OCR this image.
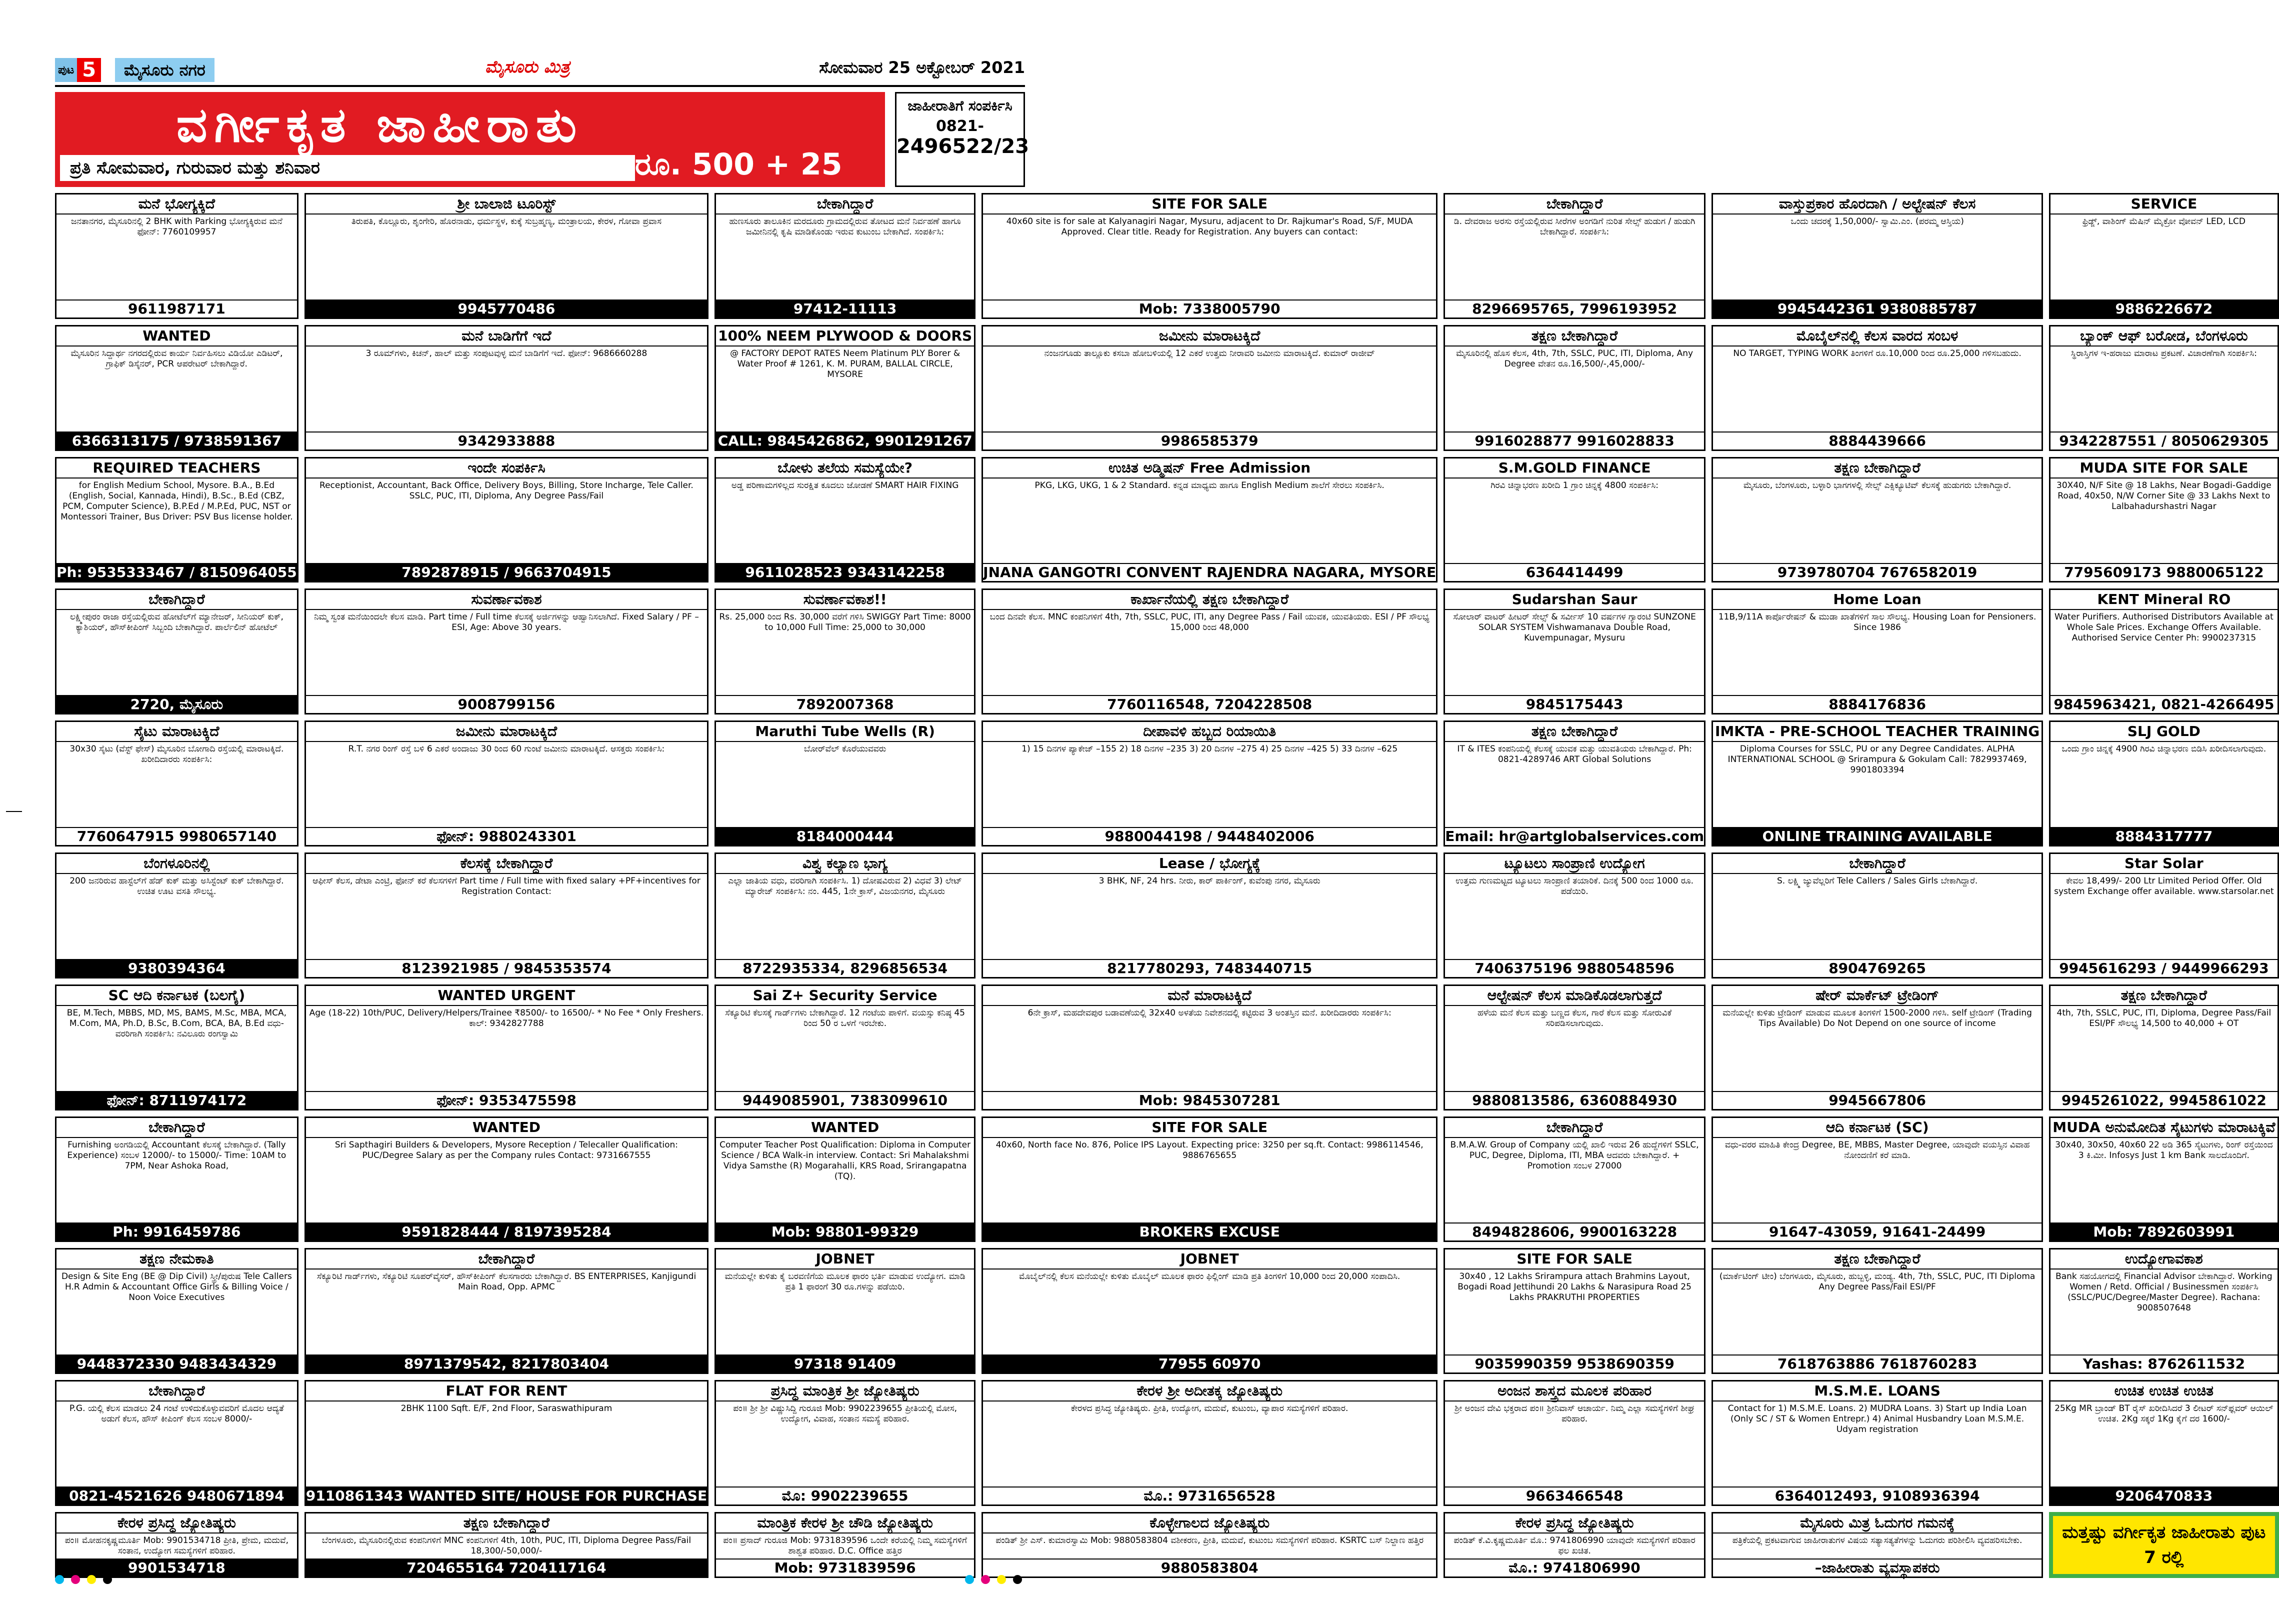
ಪುಟ 5	ಮೈಸೂರು ನಗರ	ಮೈಸೂರು ಮಿತ್ರ	ಸೋಮವಾರ 25 ಅಕ್ಟೋಬರ್ 2021
ವರ್ಗೀಕೃತ ಜಾಹೀರಾತು
ಪ್ರತಿ ಸೋಮವಾರ, ಗುರುವಾರ ಮತ್ತು ಶನಿವಾರ	ರೂ. 500 + 25
ಜಾಹೀರಾತಿಗೆ ಸಂಪರ್ಕಿಸಿ
0821-
2496522/23
ಮನೆ ಭೋಗ್ಯಕ್ಕಿದೆ
ಜನತಾನಗರ, ಮೈಸೂರಿನಲ್ಲಿ 2 BHK with Parking ಭೋಗ್ಯಕ್ಕಿರುವ ಮನೆ ಫೋನ್: 7760109957
9611987171
ಶ್ರೀ ಬಾಲಾಜಿ ಟೂರಿಸ್ಟ್
ತಿರುಪತಿ, ಕೊಲ್ಲೂರು, ಶೃಂಗೇರಿ, ಹೊರನಾಡು, ಧರ್ಮಸ್ಥಳ, ಕುಕ್ಕೆ ಸುಬ್ರಹ್ಮಣ್ಯ, ಮಂತ್ರಾಲಯ, ಕೇರಳ, ಗೋವಾ ಪ್ರವಾಸ
9945770486
ಬೇಕಾಗಿದ್ದಾರೆ
ಹುಣಸೂರು ತಾಲೂಕಿನ ಮರದೂರು ಗ್ರಾಮದಲ್ಲಿರುವ ತೋಟದ ಮನೆ ನಿರ್ವಹಣೆ ಹಾಗೂ ಜಮೀನಿನಲ್ಲಿ ಕೃಷಿ ಮಾಡಿಕೊಂಡು ಇರುವ ಕುಟುಂಬ ಬೇಕಾಗಿದೆ. ಸಂಪರ್ಕಿಸಿ:
97412-11113
SITE FOR SALE
40x60 site is for sale at Kalyanagiri Nagar, Mysuru, adjacent to Dr. Rajkumar's Road, S/F, MUDA Approved. Clear title. Ready for Registration. Any buyers can contact:
Mob: 7338005790
ಬೇಕಾಗಿದ್ದಾರೆ
ಡಿ. ದೇವರಾಜ ಅರಸು ರಸ್ತೆಯಲ್ಲಿರುವ ಸೀರೆಗಳ ಅಂಗಡಿಗೆ ನುರಿತ ಸೇಲ್ಸ್ ಹುಡುಗ / ಹುಡುಗಿ ಬೇಕಾಗಿದ್ದಾರೆ. ಸಂಪರ್ಕಿಸಿ:
8296695765, 7996193952
ವಾಸ್ತುಪ್ರಕಾರ ಹೊರದಾಗಿ / ಅಲ್ಟೇಷನ್ ಕೆಲಸ
ಒಂದು ಚದರಕ್ಕೆ 1,50,000/- ಸ್ವಾಮಿ.ಎಂ. (ಪರಮ್ಮ ಆಸ್ತಿಯ)
9945442361 9380885787
SERVICE
ಫ್ರಿಡ್ಜ್, ವಾಶಿಂಗ್ ಮೆಷಿನ್ ಮೈಕ್ರೋ ವೋವನ್ LED, LCD
9886226672
WANTED
ಮೈಸೂರಿನ ಸಿದ್ದಾರ್ಥ ನಗರದಲ್ಲಿರುವ ಕಾರ್ಯ ನಿರ್ವಹಿಸಲು ವಿಡಿಯೋ ಎಡಿಟರ್, ಗ್ರಾಫಿಕ್ ಡಿಸೈನರ್, PCR ಆಪರೇಟರ್ ಬೇಕಾಗಿದ್ದಾರೆ.
6366313175 / 9738591367
ಮನೆ ಬಾಡಿಗೆಗೆ ಇದೆ
3 ರೂಮ್‌ಗಳು, ಕಿಚನ್, ಹಾಲ್ ಮತ್ತು ಸಂಪುಟವುಳ್ಳ ಮನೆ ಬಾಡಿಗೆಗೆ ಇದೆ. ಫೋನ್: 9686660288
9342933888
100% NEEM PLYWOOD & DOORS
@ FACTORY DEPOT RATES Neem Platinum PLY Borer & Water Proof # 1261, K. M. PURAM, BALLAL CIRCLE, MYSORE
CALL: 9845426862, 9901291267
ಜಮೀನು ಮಾರಾಟಕ್ಕಿದೆ
ನಂಜನಗೂಡು ತಾಲ್ಲೂಕು ಕಸಬಾ ಹೋಬಳಿಯಲ್ಲಿ 12 ಎಕರೆ ಉತ್ತಮ ನೀರಾವರಿ ಜಮೀನು ಮಾರಾಟಕ್ಕಿದೆ. ಕುಮಾರ್ ರಾಜೀವ್
9986585379
ತಕ್ಷಣ ಬೇಕಾಗಿದ್ದಾರೆ
ಮೈಸೂರಿನಲ್ಲಿ ಹೊಸ ಕೆಲಸ, 4th, 7th, SSLC, PUC, ITI, Diploma, Any Degree ವೇತನ ರೂ.16,500/-,45,000/-
9916028877 9916028833
ಮೊಬೈಲ್‌ನಲ್ಲಿ ಕೆಲಸ ವಾರದ ಸಂಬಳ
NO TARGET, TYPING WORK ತಿಂಗಳಿಗೆ ರೂ.10,000 ರಿಂದ ರೂ.25,000 ಗಳಿಸಬಹುದು.
8884439666
ಬ್ಯಾಂಕ್ ಆಫ್ ಬರೋಡ, ಬೆಂಗಳೂರು
ಸ್ಥಿರಾಸ್ತಿಗಳ ಇ-ಹರಾಜು ಮಾರಾಟ ಪ್ರಕಟಣೆ. ವಿಚಾರಣೆಗಾಗಿ ಸಂಪರ್ಕಿಸಿ:
9342287551 / 8050629305
REQUIRED TEACHERS
for English Medium School, Mysore. B.A., B.Ed (English, Social, Kannada, Hindi), B.Sc., B.Ed (CBZ, PCM, Computer Science), B.P.Ed / M.P.Ed, PUC, NST or Montessori Trainer, Bus Driver: PSV Bus license holder.
Ph: 9535333467 / 8150964055
ಇಂದೇ ಸಂಪರ್ಕಿಸಿ
Receptionist, Accountant, Back Office, Delivery Boys, Billing, Store Incharge, Tele Caller. SSLC, PUC, ITI, Diploma, Any Degree Pass/Fail
7892878915 / 9663704915
ಬೋಳು ತಲೆಯ ಸಮಸ್ಯೆಯೇ?
ಅಡ್ಡ ಪರಿಣಾಮಗಳಿಲ್ಲದ ಸುರಕ್ಷಿತ ಕೂದಲು ಜೋಡಣೆ SMART HAIR FIXING
9611028523 9343142258
ಉಚಿತ ಅಡ್ಮಿಷನ್ Free Admission
PKG, LKG, UKG, 1 & 2 Standard. ಕನ್ನಡ ಮಾಧ್ಯಮ ಹಾಗೂ English Medium ಶಾಲೆಗೆ ಸೇರಲು ಸಂಪರ್ಕಿಸಿ.
JNANA GANGOTRI CONVENT RAJENDRA NAGARA, MYSORE
S.M.GOLD FINANCE
ಗಿರವಿ ಚಿನ್ನಾಭರಣ ಖರೀದಿ 1 ಗ್ರಾಂ ಚಿನ್ನಕ್ಕೆ 4800 ಸಂಪರ್ಕಿಸಿ:
6364414499
ತಕ್ಷಣ ಬೇಕಾಗಿದ್ದಾರೆ
ಮೈಸೂರು, ಬೆಂಗಳೂರು, ಬಳ್ಳಾರಿ ಭಾಗಗಳಲ್ಲಿ ಸೇಲ್ಸ್ ಎಕ್ಸಿಕ್ಯೂಟಿವ್ ಕೆಲಸಕ್ಕೆ ಹುಡುಗರು ಬೇಕಾಗಿದ್ದಾರೆ.
9739780704 7676582019
MUDA SITE FOR SALE
30X40, N/F Site @ 18 Lakhs, Near Bogadi-Gaddige Road, 40x50, N/W Corner Site @ 33 Lakhs Next to Lalbahadurshastri Nagar
7795609173 9880065122
ಬೇಕಾಗಿದ್ದಾರೆ
ಲಕ್ಷ್ಮೀಪುರಂ ರಾಜಾ ರಸ್ತೆಯಲ್ಲಿರುವ ಹೋಟೆಲ್‌ಗೆ ಮ್ಯಾನೇಜರ್, ಸೀನಿಯರ್ ಕುಕ್, ಕ್ಯಾಶಿಯರ್, ಹೌಸ್‌ಕೀಪಿಂಗ್ ಸಿಬ್ಬಂದಿ ಬೇಕಾಗಿದ್ದಾರೆ. ಪಾರ್ಲೆಲಿನ್ ಹೋಟೆಲ್
2720, ಮೈಸೂರು
ಸುವರ್ಣಾವಕಾಶ
ನಿಮ್ಮ ಸ್ವಂತ ಮನೆಯಿಂದಲೇ ಕೆಲಸ ಮಾಡಿ. Part time / Full time ಕೆಲಸಕ್ಕೆ ಅರ್ಜಿಗಳನ್ನು ಆಹ್ವಾನಿಸಲಾಗಿದೆ. Fixed Salary / PF – ESI, Age: Above 30 years.
9008799156
ಸುವರ್ಣಾವಕಾಶ!!
Rs. 25,000 ರಿಂದ Rs. 30,000 ವರೆಗೆ ಗಳಿಸಿ SWIGGY Part Time: 8000 to 10,000 Full Time: 25,000 to 30,000
7892007368
ಕಾರ್ಖಾನೆಯಲ್ಲಿ ತಕ್ಷಣ ಬೇಕಾಗಿದ್ದಾರೆ
ಬಂದ ದಿನವೇ ಕೆಲಸ. MNC ಕಂಪನಿಗಳಿಗೆ 4th, 7th, SSLC, PUC, ITI, any Degree Pass / Fail ಯುವಕ, ಯುವತಿಯರು. ESI / PF ಸೌಲಭ್ಯ 15,000 ರಿಂದ 48,000
7760116548, 7204228508
Sudarshan Saur
ಸೋಲಾರ್ ವಾಟರ್ ಹೀಟರ್ ಸೇಲ್ಸ್ & ಸರ್ವೀಸ್ 10 ವರ್ಷಗಳ ಗ್ಯಾರಂಟಿ SUNZONE SOLAR SYSTEM Vishwamanava Double Road, Kuvempunagar, Mysuru
9845175443
Home Loan
11B,9/11A ಕಾರ್ಪೊರೇಷನ್ & ಮುಡಾ ಖಾತೆಗಳಿಗೆ ಸಾಲ ಸೌಲಭ್ಯ. Housing Loan for Pensioners. Since 1986
8884176836
KENT Mineral RO
Water Purifiers. Authorised Distributors Available at Whole Sale Prices. Exchange Offers Available. Authorised Service Center Ph: 9900237315
9845963421, 0821-4266495
ಸೈಟು ಮಾರಾಟಕ್ಕಿದೆ
30x30 ಸೈಟು (ವೆಸ್ಟ್ ಫೇಸ್) ಮೈಸೂರಿನ ಬೋಗಾದಿ ರಸ್ತೆಯಲ್ಲಿ ಮಾರಾಟಕ್ಕಿದೆ. ಖರೀದಿದಾರರು ಸಂಪರ್ಕಿಸಿ:
7760647915 9980657140
ಜಮೀನು ಮಾರಾಟಕ್ಕಿದೆ
R.T. ನಗರ ರಿಂಗ್ ರಸ್ತೆ ಬಳಿ 6 ಎಕರೆ ಅಂದಾಜು 30 ರಿಂದ 60 ಗುಂಟೆ ಜಮೀನು ಮಾರಾಟಕ್ಕಿದೆ. ಆಸಕ್ತರು ಸಂಪರ್ಕಿಸಿ:
ಫೋನ್: 9880243301
Maruthi Tube Wells (R)
ಬೋರ್‌ವೆಲ್ ಕೊರೆಯುವವರು
8184000444
ದೀಪಾವಳಿ ಹಬ್ಬದ ರಿಯಾಯಿತಿ
1) 15 ದಿನಗಳ ಪ್ಯಾಕೇಜ್ –155 2) 18 ದಿನಗಳ –235 3) 20 ದಿನಗಳ –275 4) 25 ದಿನಗಳ –425 5) 33 ದಿನಗಳ –625
9880044198 / 9448402006
ತಕ್ಷಣ ಬೇಕಾಗಿದ್ದಾರೆ
IT & ITES ಕಂಪನಿಯಲ್ಲಿ ಕೆಲಸಕ್ಕೆ ಯುವಕ ಮತ್ತು ಯುವತಿಯರು ಬೇಕಾಗಿದ್ದಾರೆ. Ph: 0821-4289746 ART Global Solutions
Email: hr@artglobalservices.com
IMKTA - PRE-SCHOOL TEACHER TRAINING
Diploma Courses for SSLC, PU or any Degree Candidates. ALPHA INTERNATIONAL SCHOOL @ Srirampura & Gokulam Call: 7829937469, 9901803394
ONLINE TRAINING AVAILABLE
SLJ GOLD
ಒಂದು ಗ್ರಾಂ ಚಿನ್ನಕ್ಕೆ 4900 ಗಿರವಿ ಚಿನ್ನಾಭರಣ ಬಿಡಿಸಿ ಖರೀದಿಸಲಾಗುವುದು.
8884317777
ಬೆಂಗಳೂರಿನಲ್ಲಿ
200 ಜನರಿರುವ ಹಾಸ್ಟೆಲ್‌ಗೆ ಹೆಡ್ ಕುಕ್ ಮತ್ತು ಅಸಿಸ್ಟೆಂಟ್ ಕುಕ್ ಬೇಕಾಗಿದ್ದಾರೆ. ಉಚಿತ ಊಟ ವಸತಿ ಸೌಲಭ್ಯ.
9380394364
ಕೆಲಸಕ್ಕೆ ಬೇಕಾಗಿದ್ದಾರೆ
ಆಫೀಸ್ ಕೆಲಸ, ಡೇಟಾ ಎಂಟ್ರಿ, ಫೋನ್ ಕರೆ ಕೆಲಸಗಳಿಗೆ Part time / Full time with fixed salary +PF+incentives for Registration Contact:
8123921985 / 9845353574
ವಿಶ್ವ ಕಲ್ಯಾಣ ಭಾಗ್ಯ
ಎಲ್ಲಾ ಜಾತಿಯ ವಧು, ವರರಿಗಾಗಿ ಸಂಪರ್ಕಿಸಿ. 1) ದೋಷವಿರುವ 2) ವಿಧವೆ 3) ಲೇಟ್ ಮ್ಯಾರೇಜ್ ಸಂಪರ್ಕಿಸಿ: ನಂ. 445, 1ನೇ ಕ್ರಾಸ್, ವಿಜಯನಗರ, ಮೈಸೂರು
8722935334, 8296856534
Lease / ಭೋಗ್ಯಕ್ಕೆ
3 BHK, NF, 24 hrs. ನೀರು, ಕಾರ್ ಪಾರ್ಕಿಂಗ್, ಕುವೆಂಪು ನಗರ, ಮೈಸೂರು
8217780293, 7483440715
ಟ್ಯೂಟಲು ಸಾಂಪ್ರಾಣಿ ಉದ್ಯೋಗ
ಉತ್ತಮ ಗುಣಮಟ್ಟದ ಟ್ಯೂಟಲು ಸಾಂಪ್ರಾಣಿ ತಯಾರಿಕೆ. ದಿನಕ್ಕೆ 500 ರಿಂದ 1000 ರೂ. ಪಡೆಯಿರಿ.
7406375196 9880548596
ಬೇಕಾಗಿದ್ದಾರೆ
S. ಲಕ್ಷ್ಮಿ ಜ್ಯುವೆಲ್ಲರಿಗೆ Tele Callers / Sales Girls ಬೇಕಾಗಿದ್ದಾರೆ.
8904769265
Star Solar
ಕೇವಲ 18,499/- 200 Ltr Limited Period Offer. Old system Exchange offer available. www.starsolar.net
9945616293 / 9449966293
SC ಆದಿ ಕರ್ನಾಟಕ (ಬಲಗೈ)
BE, M.Tech, MBBS, MD, MS, BAMS, M.Sc, MBA, MCA, M.Com, MA, Ph.D, B.Sc, B.Com, BCA, BA, B.Ed ವಧು-ವರರಿಗಾಗಿ ಸಂಪರ್ಕಿಸಿ: ನವಿಲೂರು ರಂಗಸ್ವಾಮಿ
ಫೋನ್: 8711974172
WANTED URGENT
Age (18-22) 10th/PUC, Delivery/Helpers/Trainee ₹8500/- to 16500/- * No Fee * Only Freshers. ಕಾಲ್: 9342827788
ಫೋನ್: 9353475598
Sai Z+ Security Service
ಸೆಕ್ಯೂರಿಟಿ ಕೆಲಸಕ್ಕೆ ಗಾರ್ಡ್‌ಗಳು ಬೇಕಾಗಿದ್ದಾರೆ. 12 ಗಂಟೆಯ ಪಾಳಿಗೆ. ವಯಸ್ಸು ಕನಿಷ್ಠ 45 ರಿಂದ 50 ರ ಒಳಗೆ ಇರಬೇಕು.
9449085901, 7383099610
ಮನೆ ಮಾರಾಟಕ್ಕಿದೆ
6ನೇ ಕ್ರಾಸ್, ಮಹದೇವಪುರ ಬಡಾವಣೆಯಲ್ಲಿ 32x40 ಅಳತೆಯ ನಿವೇಶನದಲ್ಲಿ ಕಟ್ಟಿರುವ 3 ಅಂತಸ್ತಿನ ಮನೆ. ಖರೀದಿದಾರರು ಸಂಪರ್ಕಿಸಿ:
Mob: 9845307281
ಆಲ್ಟೇಷನ್ ಕೆಲಸ ಮಾಡಿಕೊಡಲಾಗುತ್ತದೆ
ಹಳೆಯ ಮನೆ ಕೆಲಸ ಮತ್ತು ಬಣ್ಣದ ಕೆಲಸ, ಗಾರೆ ಕೆಲಸ ಮತ್ತು ಸೋರುವಿಕೆ ಸರಿಪಡಿಸಲಾಗುವುದು.
9880813586, 6360884930
ಷೇರ್ ಮಾರ್ಕೆಟ್ ಟ್ರೇಡಿಂಗ್
ಮನೆಯಲ್ಲೇ ಕುಳಿತು ಟ್ರೇಡಿಂಗ್ ಮಾಡುವ ಮೂಲಕ ತಿಂಗಳಿಗೆ 1500-2000 ಗಳಿಸಿ. self ಟ್ರೇಡಿಂಗ್ (Trading Tips Available) Do Not Depend on one source of income
9945667806
ತಕ್ಷಣ ಬೇಕಾಗಿದ್ದಾರೆ
4th, 7th, SSLC, PUC, ITI, Diploma, Degree Pass/Fail ESI/PF ಸೌಲಭ್ಯ 14,500 to 40,000 + OT
9945261022, 9945861022
ಬೇಕಾಗಿದ್ದಾರೆ
Furnishing ಅಂಗಡಿಯಲ್ಲಿ Accountant ಕೆಲಸಕ್ಕೆ ಬೇಕಾಗಿದ್ದಾರೆ. (Tally Experience) ಸಂಬಳ 12000/- to 15000/- Time: 10AM to 7PM, Near Ashoka Road,
Ph: 9916459786
WANTED
Sri Sapthagiri Builders & Developers, Mysore Reception / Telecaller Qualification: PUC/Degree Salary as per the Company rules Contact: 9731667555
9591828444 / 8197395284
WANTED
Computer Teacher Post Qualification: Diploma in Computer Science / BCA Walk-in interview. Contact: Sri Mahalakshmi Vidya Samsthe (R) Mogarahalli, KRS Road, Srirangapatna (TQ).
Mob: 98801-99329
SITE FOR SALE
40x60, North face No. 876, Police IPS Layout. Expecting price: 3250 per sq.ft. Contact: 9986114546, 9886765655
BROKERS EXCUSE
ಬೇಕಾಗಿದ್ದಾರೆ
B.M.A.W. Group of Company ಯಲ್ಲಿ ಖಾಲಿ ಇರುವ 26 ಹುದ್ದೆಗಳಿಗೆ SSLC, PUC, Degree, Diploma, ITI, MBA ಆದವರು ಬೇಕಾಗಿದ್ದಾರೆ. + Promotion ಸಂಬಳ 27000
8494828606, 9900163228
ಆದಿ ಕರ್ನಾಟಕ (SC)
ವಧು-ವರರ ಮಾಹಿತಿ ಕೇಂದ್ರ Degree, BE, MBBS, Master Degree, ಯಾವುದೇ ವಯಸ್ಸಿನ ವಿವಾಹ ನೋಂದಣಿಗೆ ಕರೆ ಮಾಡಿ.
91647-43059, 91641-24499
MUDA ಅನುಮೋದಿತ ಸೈಟುಗಳು ಮಾರಾಟಕ್ಕಿವೆ
30x40, 30x50, 40x60 22 ಅಡಿ 365 ಸೈಟುಗಳು, ರಿಂಗ್ ರಸ್ತೆಯಿಂದ 3 ಕಿ.ಮೀ. Infosys Just 1 km Bank ಸಾಲದೊಂದಿಗೆ.
Mob: 7892603991
ತಕ್ಷಣ ನೇಮಕಾತಿ
Design & Site Eng (BE @ Dip Civil) ಸ್ತ್ರೀ/ಪುರುಷ Tele Callers H.R Admin & Accountant Office Girls & Billing Voice / Noon Voice Executives
9448372330 9483434329
ಬೇಕಾಗಿದ್ದಾರೆ
ಸೆಕ್ಯೂರಿಟಿ ಗಾರ್ಡ್‌ಗಳು, ಸೆಕ್ಯೂರಿಟಿ ಸೂಪರ್‌ವೈಸರ್, ಹೌಸ್‌ಕೀಪಿಂಗ್ ಕೆಲಸಗಾರರು ಬೇಕಾಗಿದ್ದಾರೆ. BS ENTERPRISES, Kanjigundi Main Road, Opp. APMC
8971379542, 8217803404
JOBNET
ಮನೆಯಲ್ಲೇ ಕುಳಿತು ಕೈ ಬರವಣಿಗೆಯ ಮೂಲಕ ಫಾರಂ ಭರ್ತಿ ಮಾಡುವ ಉದ್ಯೋಗ. ಮಾಡಿ ಪ್ರತಿ 1 ಫಾರಂಗೆ 30 ರೂ.ಗಳನ್ನು ಪಡೆಯಿರಿ.
97318 91409
JOBNET
ಮೊಬೈಲ್‌ನಲ್ಲಿ ಕೆಲಸ ಮನೆಯಲ್ಲೇ ಕುಳಿತು ಮೊಬೈಲ್ ಮೂಲಕ ಫಾರಂ ಫಿಲ್ಲಿಂಗ್ ಮಾಡಿ ಪ್ರತಿ ತಿಂಗಳಿಗೆ 10,000 ರಿಂದ 20,000 ಸಂಪಾದಿಸಿ.
77955 60970
SITE FOR SALE
30x40 , 12 Lakhs Srirampura attach Brahmins Layout, Bogadi Road Jettihundi 20 Lakhs & Narasipura Road 25 Lakhs PRAKRUTHI PROPERTIES
9035990359 9538690359
ತಕ್ಷಣ ಬೇಕಾಗಿದ್ದಾರೆ
(ಮಾರ್ಕೆಟಿಂಗ್ ಟೀಂ) ಬೆಂಗಳೂರು, ಮೈಸೂರು, ಹುಬ್ಬಳ್ಳಿ, ಮಂಡ್ಯ. 4th, 7th, SSLC, PUC, ITI Diploma Any Degree Pass/Fail ESI/PF
7618763886 7618760283
ಉದ್ಯೋಗಾವಕಾಶ
Bank ಸಹಯೋಗದಲ್ಲಿ Financial Advisor ಬೇಕಾಗಿದ್ದಾರೆ. Working Women / Retd. Official / Businessmen ಸಂಪರ್ಕಿಸಿ (SSLC/PUC/Degree/Master Degree). Rachana: 9008507648
Yashas: 8762611532
ಬೇಕಾಗಿದ್ದಾರೆ
P.G. ಯಲ್ಲಿ ಕೆಲಸ ಮಾಡಲು 24 ಗಂಟೆ ಉಳಿದುಕೊಳ್ಳುವವರಿಗೆ ಮೊದಲ ಆದ್ಯತೆ ಅಡುಗೆ ಕೆಲಸ, ಹೌಸ್ ಕೀಪಿಂಗ್ ಕೆಲಸ ಸಂಬಳ 8000/-
0821-4521626 9480671894
FLAT FOR RENT
2BHK 1100 Sqft. E/F, 2nd Floor, Saraswathipuram
9110861343 WANTED SITE/ HOUSE FOR PURCHASE
ಪ್ರಸಿದ್ಧ ಮಾಂತ್ರಿಕ ಶ್ರೀ ಜ್ಯೋತಿಷ್ಯರು
ಪಂ॥ ಶ್ರೀ ಶ್ರೀ ವಿಷ್ಣುಸಿದ್ದಿ ಗುರೂಜಿ Mob: 9902239655 ಪ್ರೀತಿಯಲ್ಲಿ ಮೋಸ, ಉದ್ಯೋಗ, ವಿವಾಹ, ಸಂತಾನ ಸಮಸ್ಯೆ ಪರಿಹಾರ.
ಮೊ: 9902239655
ಕೇರಳ ಶ್ರೀ ಅದೀತಕ್ಕ ಜ್ಯೋತಿಷ್ಯರು
ಕೇರಳದ ಪ್ರಸಿದ್ಧ ಜ್ಯೋತಿಷ್ಯರು. ಪ್ರೀತಿ, ಉದ್ಯೋಗ, ಮದುವೆ, ಕುಟುಂಬ, ವ್ಯಾಪಾರ ಸಮಸ್ಯೆಗಳಿಗೆ ಪರಿಹಾರ.
ಮೊ.: 9731656528
ಅಂಜನ ಶಾಸ್ತ್ರದ ಮೂಲಕ ಪರಿಹಾರ
ಶ್ರೀ ಅಂಜನ ದೇವಿ ಭಕ್ತರಾದ ಪಂ॥ ಶ್ರೀನಿವಾಸ್ ಆಚಾರ್ಯ. ನಿಮ್ಮ ಎಲ್ಲಾ ಸಮಸ್ಯೆಗಳಿಗೆ ಶೀಘ್ರ ಪರಿಹಾರ.
9663466548
M.S.M.E. LOANS
Contact for 1) M.S.M.E. Loans. 2) MUDRA Loans. 3) Start up India Loan (Only SC / ST & Women Entrepr.) 4) Animal Husbandry Loan M.S.M.E. Udyam registration
6364012493, 9108936394
ಉಚಿತ ಉಚಿತ ಉಚಿತ
25Kg MR ಬ್ರಾಂಡ್ BT ರೈಸ್ ಖರೀದಿಸಿದರೆ 3 ಲೀಟರ್ ಸನ್‌ಫ್ಲವರ್ ಆಯಿಲ್ ಉಚಿತ. 2Kg ಸಕ್ಕರೆ 1Kg ಕೈಗೆ ದರ 1600/-
9206470833
ಕೇರಳ ಪ್ರಸಿದ್ಧ ಜ್ಯೋತಿಷ್ಯರು
ಪಂ॥ ಮೋಹನಕೃಷ್ಣಮೂರ್ತಿ Mob: 9901534718 ಪ್ರೀತಿ, ಪ್ರೇಮ, ಮದುವೆ, ಸಂತಾನ, ಉದ್ಯೋಗ ಸಮಸ್ಯೆಗಳಿಗೆ ಪರಿಹಾರ.
9901534718
ತಕ್ಷಣ ಬೇಕಾಗಿದ್ದಾರೆ
ಬೆಂಗಳೂರು, ಮೈಸೂರಿನಲ್ಲಿರುವ ಕಂಪನಿಗಳಿಗೆ MNC ಕಂಪನಿಗಳಿಗೆ 4th, 10th, PUC, ITI, Diploma Degree Pass/Fail 18,300/-50,000/-
7204655164 7204117164
ಮಾಂತ್ರಿಕ ಕೇರಳ ಶ್ರೀ ಚೌಡಿ ಜ್ಯೋತಿಷ್ಯರು
ಪಂ॥ ಪ್ರಸಾದ್ ಗುರೂಜಿ Mob: 9731839596 ಒಂದೇ ಕರೆಯಲ್ಲಿ ನಿಮ್ಮ ಸಮಸ್ಯೆಗಳಿಗೆ ಶಾಶ್ವತ ಪರಿಹಾರ. D.C. Office ಹತ್ತಿರ
Mob: 9731839596
ಕೊಳ್ಳೇಗಾಲದ ಜ್ಯೋತಿಷ್ಯರು
ಪಂಡಿತ್ ಶ್ರೀ ಎಸ್. ಕುಮಾರಸ್ವಾಮಿ Mob: 9880583804 ವಶೀಕರಣ, ಪ್ರೀತಿ, ಮದುವೆ, ಕುಟುಂಬ ಸಮಸ್ಯೆಗಳಿಗೆ ಪರಿಹಾರ. KSRTC ಬಸ್ ನಿಲ್ದಾಣ ಹತ್ತಿರ
9880583804
ಕೇರಳ ಪ್ರಸಿದ್ಧ ಜ್ಯೋತಿಷ್ಯರು
ಪಂಡಿತ್ ಕೆ.ವಿ.ಕೃಷ್ಣಮೂರ್ತಿ ಮೊ.: 9741806990 ಯಾವುದೇ ಸಮಸ್ಯೆಗಳಿಗೆ ಪರಿಹಾರ ಫಲ ಖಚಿತ.
ಮೊ.: 9741806990
ಮೈಸೂರು ಮಿತ್ರ ಓದುಗರ ಗಮನಕ್ಕೆ
ಪತ್ರಿಕೆಯಲ್ಲಿ ಪ್ರಕಟವಾಗುವ ಜಾಹೀರಾತುಗಳ ವಿಷಯ ಸತ್ಯಾಸತ್ಯತೆಗಳನ್ನು ಓದುಗರು ಪರಿಶೀಲಿಸಿ ವ್ಯವಹರಿಸಬೇಕು.
–ಜಾಹೀರಾತು ವ್ಯವಸ್ಥಾಪಕರು
ಮತ್ತಷ್ಟು ವರ್ಗೀಕೃತ ಜಾಹೀರಾತು ಪುಟ 7 ರಲ್ಲಿ
